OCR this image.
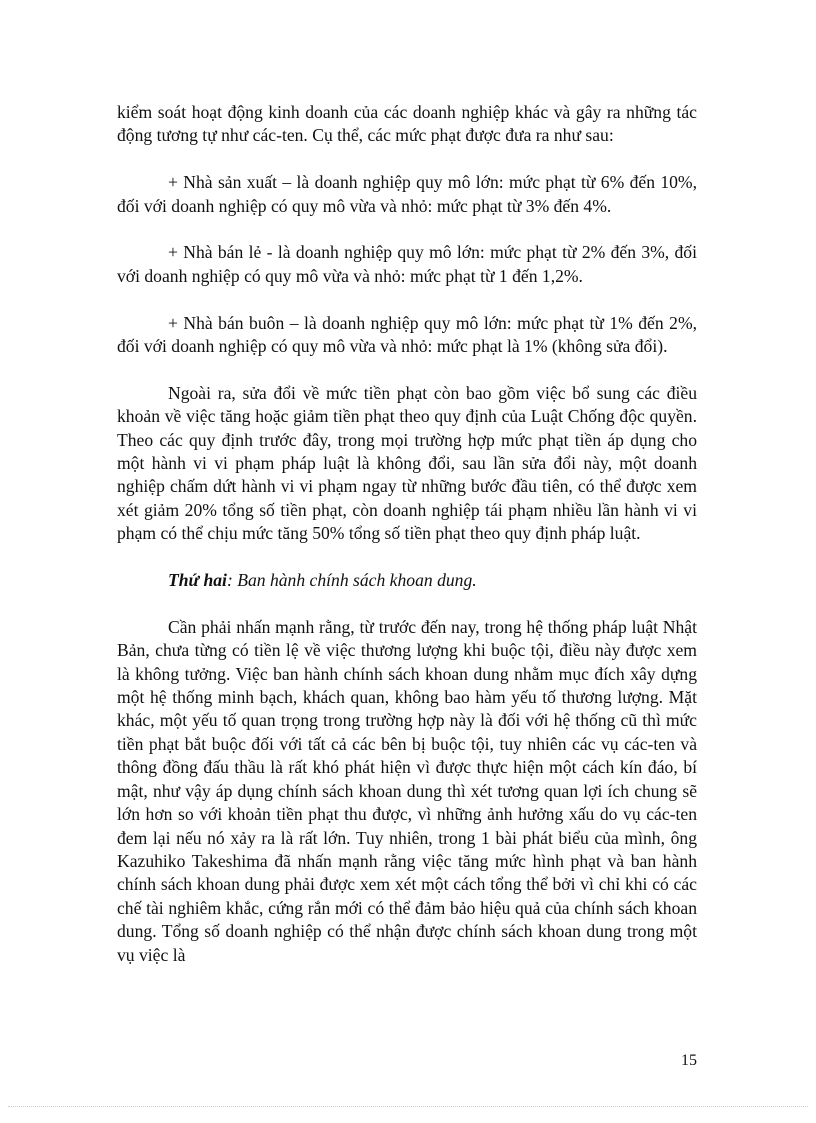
kiểm soát hoạt động kinh doanh của các doanh nghiệp khác và gây ra những tác động tương tự như các-ten. Cụ thể, các mức phạt được đưa ra như sau:

+ Nhà sản xuất – là doanh nghiệp quy mô lớn: mức phạt từ 6% đến 10%, đối với doanh nghiệp có quy mô vừa và nhỏ: mức phạt từ 3% đến 4%.

+ Nhà bán lẻ - là doanh nghiệp quy mô lớn: mức phạt từ 2% đến 3%, đối với doanh nghiệp có quy mô vừa và nhỏ: mức phạt từ 1 đến 1,2%.

+ Nhà bán buôn – là doanh nghiệp quy mô lớn: mức phạt từ 1% đến 2%, đối với doanh nghiệp có quy mô vừa và nhỏ: mức phạt là 1% (không sửa đổi).

Ngoài ra, sửa đổi về mức tiền phạt còn bao gồm việc bổ sung các điều khoản về việc tăng hoặc giảm tiền phạt theo quy định của Luật Chống độc quyền. Theo các quy định trước đây, trong mọi trường hợp mức phạt tiền áp dụng cho một hành vi vi phạm pháp luật là không đổi, sau lần sửa đổi này, một doanh nghiệp chấm dứt hành vi vi phạm ngay từ những bước đầu tiên, có thể được xem xét giảm 20% tổng số tiền phạt, còn doanh nghiệp tái phạm nhiều lần hành vi vi phạm có thể chịu mức tăng 50% tổng số tiền phạt theo quy định pháp luật.

Thứ hai: Ban hành chính sách khoan dung.

Cần phải nhấn mạnh rằng, từ trước đến nay, trong hệ thống pháp luật Nhật Bản, chưa từng có tiền lệ về việc thương lượng khi buộc tội, điều này được xem là không tưởng. Việc ban hành chính sách khoan dung nhằm mục đích xây dựng một hệ thống minh bạch, khách quan, không bao hàm yếu tố thương lượng. Mặt khác, một yếu tố quan trọng trong trường hợp này là đối với hệ thống cũ thì mức tiền phạt bắt buộc đối với tất cả các bên bị buộc tội, tuy nhiên các vụ các-ten và thông đồng đấu thầu là rất khó phát hiện vì được thực hiện một cách kín đáo, bí mật, như vậy áp dụng chính sách khoan dung thì xét tương quan lợi ích chung sẽ lớn hơn so với khoản tiền phạt thu được, vì những ảnh hưởng xấu do vụ các-ten đem lại nếu nó xảy ra là rất lớn. Tuy nhiên, trong 1 bài phát biểu của mình, ông Kazuhiko Takeshima đã nhấn mạnh rằng việc tăng mức hình phạt và ban hành chính sách khoan dung phải được xem xét một cách tổng thể bởi vì chỉ khi có các chế tài nghiêm khắc, cứng rắn mới có thể đảm bảo hiệu quả của chính sách khoan dung. Tổng số doanh nghiệp có thể nhận được chính sách khoan dung trong một vụ việc là

15
